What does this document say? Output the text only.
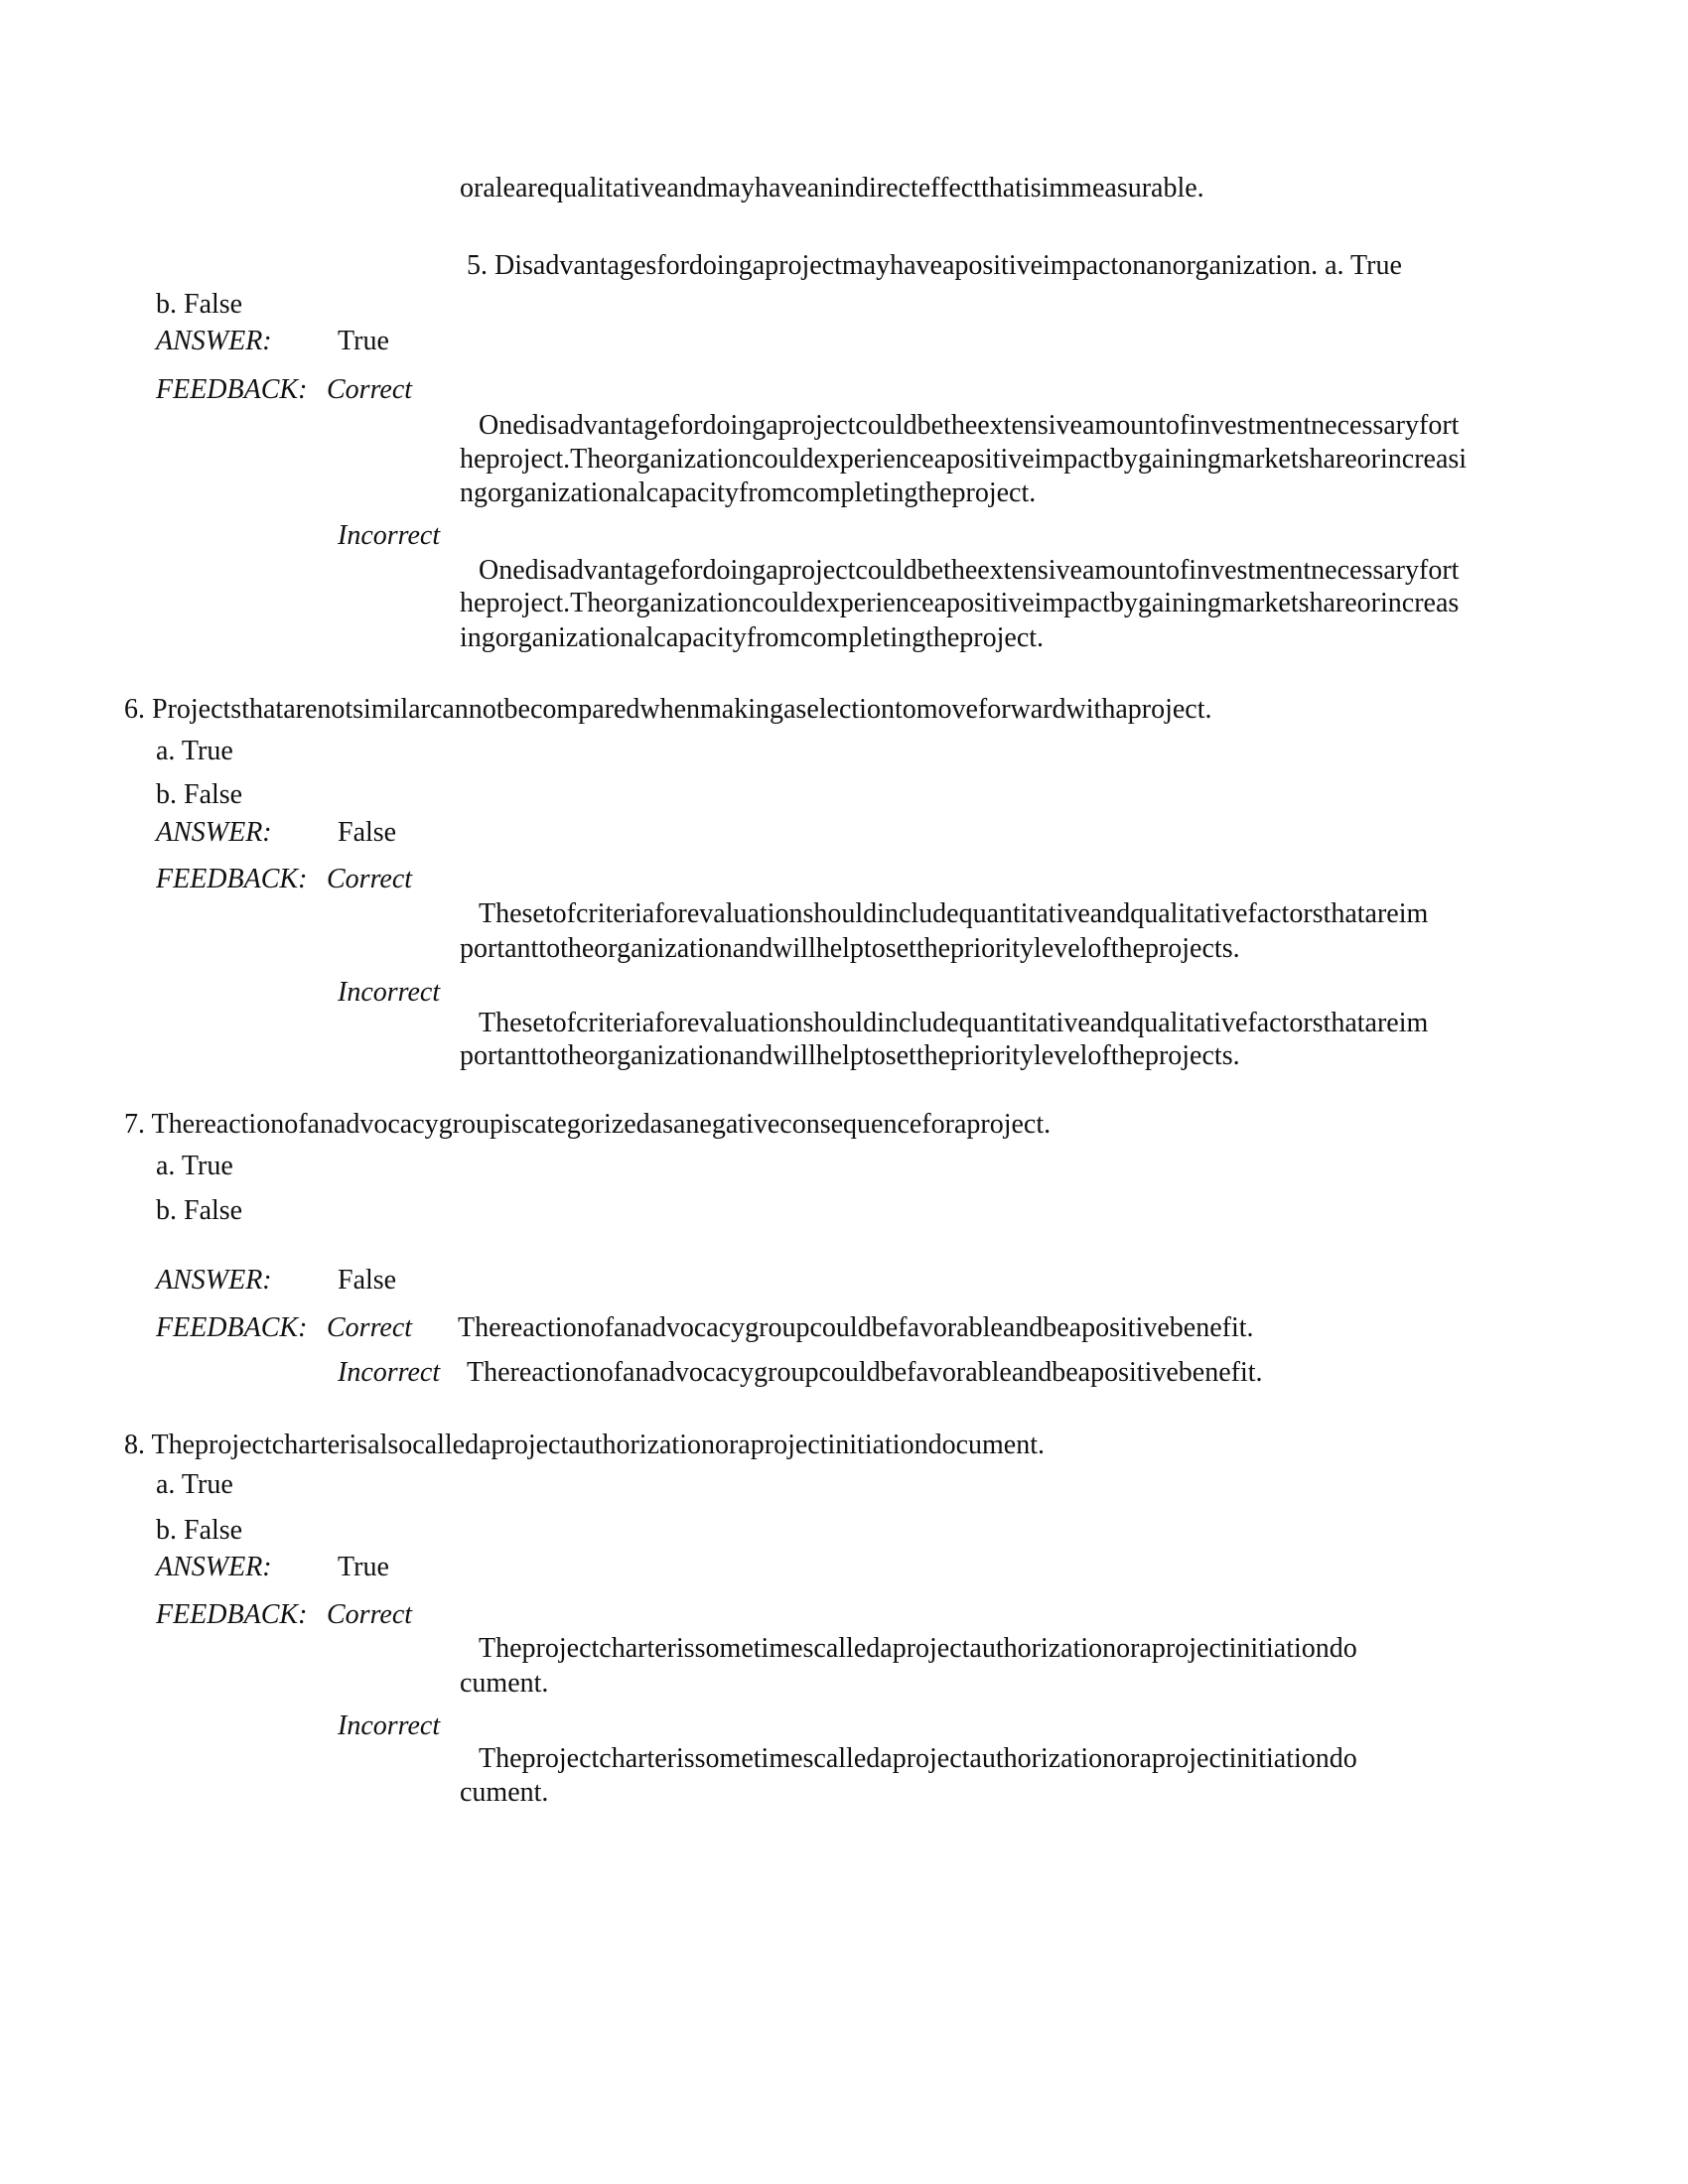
oralearequalitativeandmayhaveanindirecteffectthatisimmeasurable.
5. Disadvantagesfordoingaprojectmayhaveapositiveimpactonanorganization. a. True
b. False
ANSWER: True
FEEDBACK: Correct
Onedisadvantagefordoingaprojectcouldbetheextensiveamountofinvestmentnecessaryfort
heproject.Theorganizationcouldexperienceapositiveimpactbygainingmarketshareorincreasi
ngorganizationalcapacityfromcompletingtheproject.
Incorrect
Onedisadvantagefordoingaprojectcouldbetheextensiveamountofinvestmentnecessaryfort
heproject.Theorganizationcouldexperienceapositiveimpactbygainingmarketshareorincreas
ingorganizationalcapacityfromcompletingtheproject.
6. Projectsthatarenotsimilarcannotbecomparedwhenmakingaselectiontomoveforwardwithaproject.
a. True
b. False
ANSWER: False
FEEDBACK: Correct
Thesetofcriteriaforevaluationshouldincludequantitativeandqualitativefactorsthatareim
portanttotheorganizationandwillhelptosetthepriorityleveloftheprojects.
Incorrect
Thesetofcriteriaforevaluationshouldincludequantitativeandqualitativefactorsthatareim
portanttotheorganizationandwillhelptosetthepriorityleveloftheprojects.
7. Thereactionofanadvocacygroupiscategorizedasanegativeconsequenceforaproject.
a. True
b. False
ANSWER: False
FEEDBACK: Correct Thereactionofanadvocacygroupcouldbefavorableandbeapositivebenefit.
Incorrect Thereactionofanadvocacygroupcouldbefavorableandbeapositivebenefit.
8. Theprojectcharterisalsocalledaprojectauthorizationoraprojectinitiationdocument.
a. True
b. False
ANSWER: True
FEEDBACK: Correct
Theprojectcharterissometimescalledaprojectauthorizationoraprojectinitiationdo
cument.
Incorrect
Theprojectcharterissometimescalledaprojectauthorizationoraprojectinitiationdo
cument.
